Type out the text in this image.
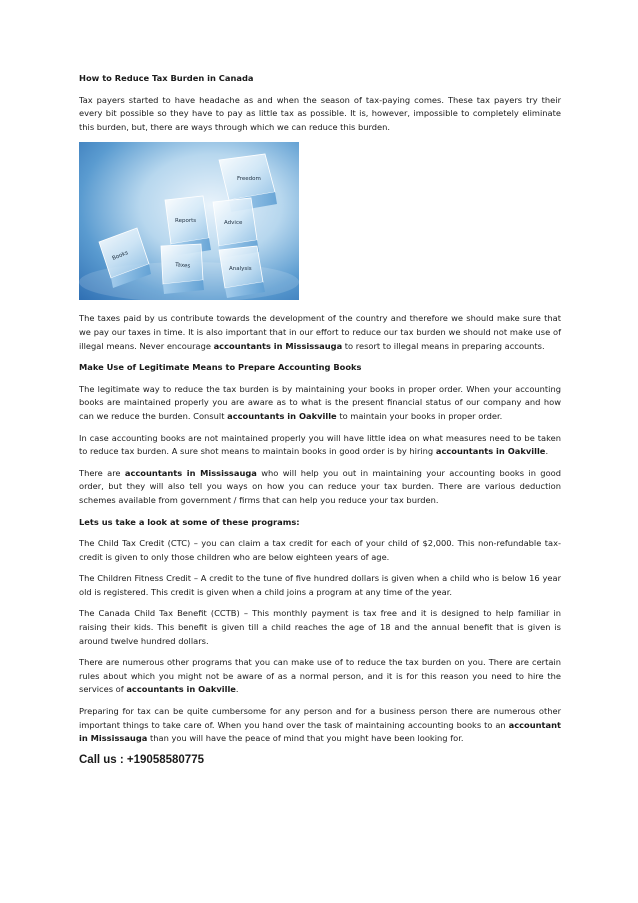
How to Reduce Tax Burden in Canada

Tax payers started to have headache as and when the season of tax-paying comes. These tax payers try their every bit possible so they have to pay as little tax as possible. It is, however, impossible to completely eliminate this burden, but, there are ways through which we can reduce this burden.

Freedom
Reports	Advice
Books
Taxes	Analysis

The taxes paid by us contribute towards the development of the country and therefore we should make sure that we pay our taxes in time. It is also important that in our effort to reduce our tax burden we should not make use of illegal means. Never encourage accountants in Mississauga to resort to illegal means in preparing accounts.

Make Use of Legitimate Means to Prepare Accounting Books

The legitimate way to reduce the tax burden is by maintaining your books in proper order. When your accounting books are maintained properly you are aware as to what is the present financial status of our company and how can we reduce the burden. Consult accountants in Oakville to maintain your books in proper order.

In case accounting books are not maintained properly you will have little idea on what measures need to be taken to reduce tax burden. A sure shot means to maintain books in good order is by hiring accountants in Oakville.

There are accountants in Mississauga who will help you out in maintaining your accounting books in good order, but they will also tell you ways on how you can reduce your tax burden. There are various deduction schemes available from government / firms that can help you reduce your tax burden.

Lets us take a look at some of these programs:

The Child Tax Credit (CTC) – you can claim a tax credit for each of your child of $2,000. This non-refundable tax-credit is given to only those children who are below eighteen years of age.

The Children Fitness Credit – A credit to the tune of five hundred dollars is given when a child who is below 16 year old is registered. This credit is given when a child joins a program at any time of the year.

The Canada Child Tax Benefit (CCTB) – This monthly payment is tax free and it is designed to help familiar in raising their kids. This benefit is given till a child reaches the age of 18 and the annual benefit that is given is around twelve hundred dollars.

There are numerous other programs that you can make use of to reduce the tax burden on you. There are certain rules about which you might not be aware of as a normal person, and it is for this reason you need to hire the services of accountants in Oakville.

Preparing for tax can be quite cumbersome for any person and for a business person there are numerous other important things to take care of. When you hand over the task of maintaining accounting books to an accountant in Mississauga than you will have the peace of mind that you might have been looking for.

Call us : +19058580775
